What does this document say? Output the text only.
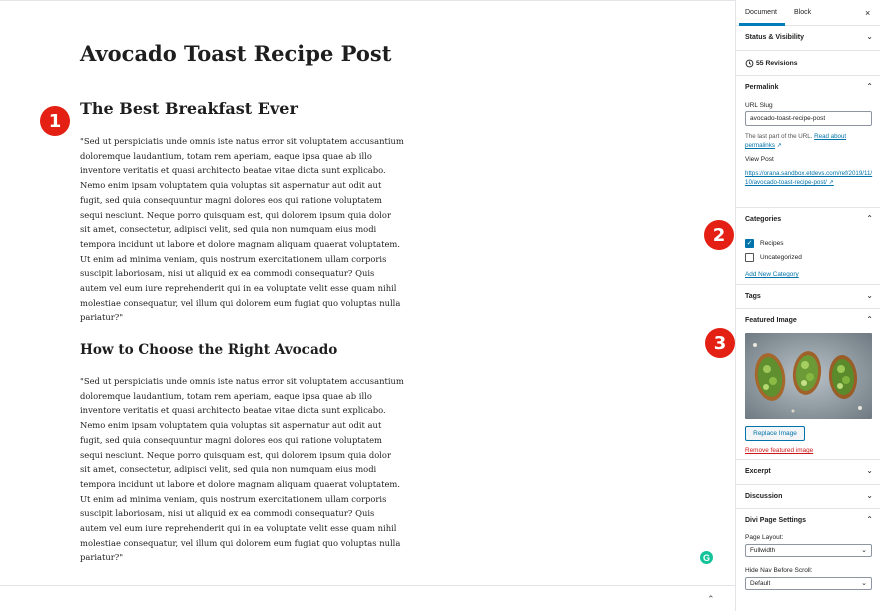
Avocado Toast Recipe Post
1
The Best Breakfast Ever
"Sed ut perspiciatis unde omnis iste natus error sit voluptatem accusantium
doloremque laudantium, totam rem aperiam, eaque ipsa quae ab illo
inventore veritatis et quasi architecto beatae vitae dicta sunt explicabo.
Nemo enim ipsam voluptatem quia voluptas sit aspernatur aut odit aut
fugit, sed quia consequuntur magni dolores eos qui ratione voluptatem
sequi nesciunt. Neque porro quisquam est, qui dolorem ipsum quia dolor
sit amet, consectetur, adipisci velit, sed quia non numquam eius modi
tempora incidunt ut labore et dolore magnam aliquam quaerat voluptatem.
Ut enim ad minima veniam, quis nostrum exercitationem ullam corporis
suscipit laboriosam, nisi ut aliquid ex ea commodi consequatur? Quis
autem vel eum iure reprehenderit qui in ea voluptate velit esse quam nihil
molestiae consequatur, vel illum qui dolorem eum fugiat quo voluptas nulla
pariatur?"
How to Choose the Right Avocado
"Sed ut perspiciatis unde omnis iste natus error sit voluptatem accusantium
doloremque laudantium, totam rem aperiam, eaque ipsa quae ab illo
inventore veritatis et quasi architecto beatae vitae dicta sunt explicabo.
Nemo enim ipsam voluptatem quia voluptas sit aspernatur aut odit aut
fugit, sed quia consequuntur magni dolores eos qui ratione voluptatem
sequi nesciunt. Neque porro quisquam est, qui dolorem ipsum quia dolor
sit amet, consectetur, adipisci velit, sed quia non numquam eius modi
tempora incidunt ut labore et dolore magnam aliquam quaerat voluptatem.
Ut enim ad minima veniam, quis nostrum exercitationem ullam corporis
suscipit laboriosam, nisi ut aliquid ex ea commodi consequatur? Quis
autem vel eum iure reprehenderit qui in ea voluptate velit esse quam nihil
molestiae consequatur, vel illum qui dolorem eum fugiat quo voluptas nulla
pariatur?"	G
⌃
2
3
Document Block	×
Status & Visibility	⌄
55 Revisions
Permalink	⌃
URL Slug
avocado-toast-recipe-post
The last part of the URL. Read about permalinks ↗
View Post
https://orana.sandbox.etdevs.com/ref/2019/11/10/avocado-toast-recipe-post/ ↗
Categories	⌃
✓ Recipes
Uncategorized
Add New Category
Tags	⌄
Featured Image	⌃
Replace Image
Remove featured image
Excerpt	⌄
Discussion	⌄
Divi Page Settings	⌃
Page Layout:
Fullwidth	⌄
Hide Nav Before Scroll:
Default	⌄
